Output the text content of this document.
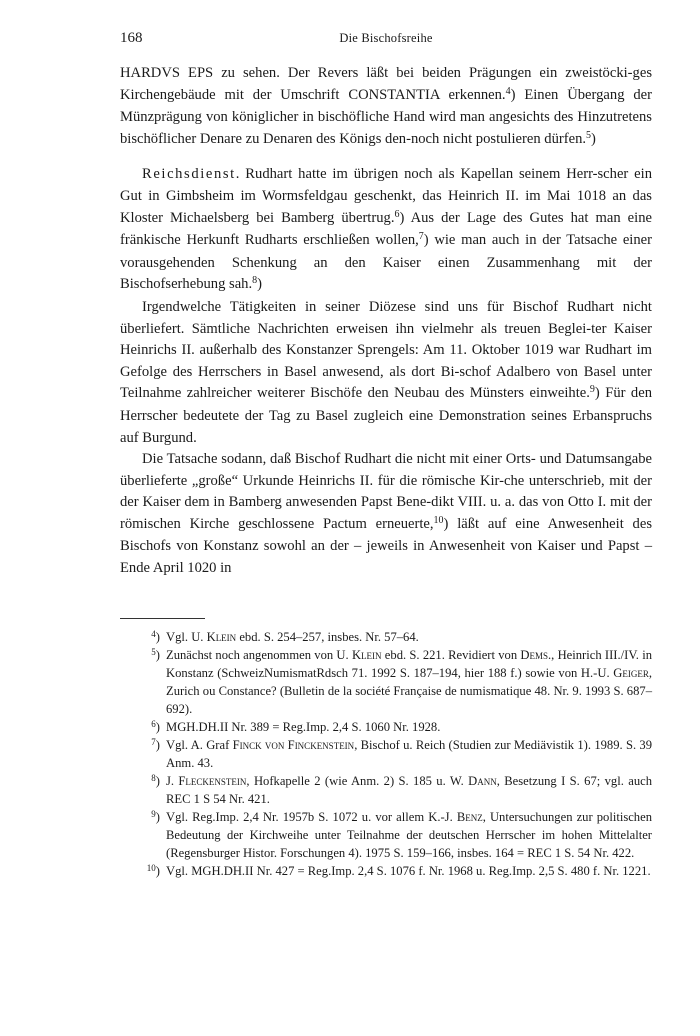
168	Die Bischofsreihe

HARDVS EPS zu sehen. Der Revers läßt bei beiden Prägungen ein zweistöcki-ges Kirchengebäude mit der Umschrift CONSTANTIA erkennen.$^4$) Einen Übergang der Münzprägung von königlicher in bischöfliche Hand wird man angesichts des Hinzutretens bischöflicher Denare zu Denaren des Königs den-noch nicht postulieren dürfen.$^5$)

Reichsdienst. Rudhart hatte im übrigen noch als Kapellan seinem Herr-scher ein Gut in Gimbsheim im Wormsfeldgau geschenkt, das Heinrich II. im Mai 1018 an das Kloster Michaelsberg bei Bamberg übertrug.$^6$) Aus der Lage des Gutes hat man eine fränkische Herkunft Rudharts erschließen wollen,$^7$) wie man auch in der Tatsache einer vorausgehenden Schenkung an den Kaiser einen Zusammenhang mit der Bischofserhebung sah.$^8$)

Irgendwelche Tätigkeiten in seiner Diözese sind uns für Bischof Rudhart nicht überliefert. Sämtliche Nachrichten erweisen ihn vielmehr als treuen Beglei-ter Kaiser Heinrichs II. außerhalb des Konstanzer Sprengels: Am 11. Oktober 1019 war Rudhart im Gefolge des Herrschers in Basel anwesend, als dort Bi-schof Adalbero von Basel unter Teilnahme zahlreicher weiterer Bischöfe den Neubau des Münsters einweihte.$^9$) Für den Herrscher bedeutete der Tag zu Basel zugleich eine Demonstration seines Erbanspruchs auf Burgund.

Die Tatsache sodann, daß Bischof Rudhart die nicht mit einer Orts- und Datumsangabe überlieferte „große“ Urkunde Heinrichs II. für die römische Kir-che unterschrieb, mit der der Kaiser dem in Bamberg anwesenden Papst Bene-dikt VIII. u. a. das von Otto I. mit der römischen Kirche geschlossene Pactum erneuerte,$^{10}$) läßt auf eine Anwesenheit des Bischofs von Konstanz sowohl an der – jeweils in Anwesenheit von Kaiser und Papst – Ende April 1020 in

$^4$) Vgl. U. Klein ebd. S. 254–257, insbes. Nr. 57–64.

$^5$) Zunächst noch angenommen von U. Klein ebd. S. 221. Revidiert von Dems., Heinrich III./IV. in Konstanz (SchweizNumismatRdsch 71. 1992 S. 187–194, hier 188 f.) sowie von H.-U. Geiger, Zurich ou Constance? (Bulletin de la société Française de numismatique 48. Nr. 9. 1993 S. 687–692).

$^6$) MGH.DH.II Nr. 389 = Reg.Imp. 2,4 S. 1060 Nr. 1928.

$^7$) Vgl. A. Graf Finck von Finckenstein, Bischof u. Reich (Studien zur Mediävistik 1). 1989. S. 39 Anm. 43.

$^8$) J. Fleckenstein, Hofkapelle 2 (wie Anm. 2) S. 185 u. W. Dann, Besetzung I S. 67; vgl. auch REC 1 S 54 Nr. 421.

$^9$) Vgl. Reg.Imp. 2,4 Nr. 1957b S. 1072 u. vor allem K.-J. Benz, Untersuchungen zur politischen Bedeutung der Kirchweihe unter Teilnahme der deutschen Herrscher im hohen Mittelalter (Regensburger Histor. Forschungen 4). 1975 S. 159–166, insbes. 164 = REC 1 S. 54 Nr. 422.

$^{10}$) Vgl. MGH.DH.II Nr. 427 = Reg.Imp. 2,4 S. 1076 f. Nr. 1968 u. Reg.Imp. 2,5 S. 480 f. Nr. 1221.
